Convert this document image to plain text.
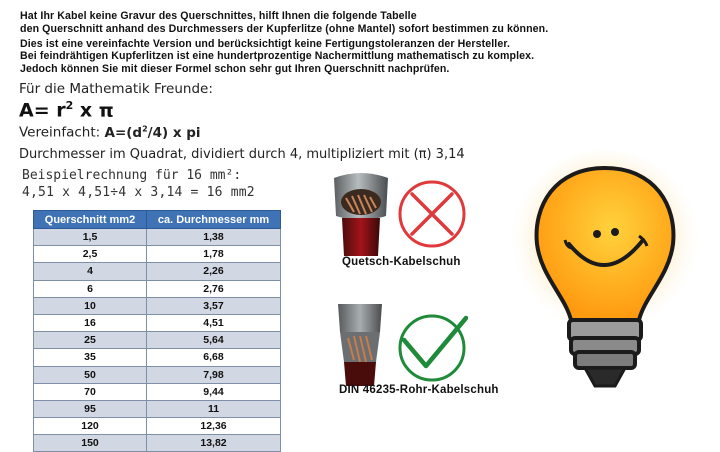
Hat Ihr Kabel keine Gravur des Querschnittes, hilft Ihnen die folgende Tabelle

den Querschnitt anhand des Durchmessers der Kupferlitze (ohne Mantel) sofort bestimmen zu können.

Dies ist eine vereinfachte Version und berücksichtigt keine Fertigungstoleranzen der Hersteller.

Bei feindrähtigen Kupferlitzen ist eine hundertprozentige Nachermittlung mathematisch zu komplex.

Jedoch können Sie mit dieser Formel schon sehr gut Ihren Querschnitt nachprüfen.

Für die Mathematik Freunde:
$A= r^2$ x π
Vereinfacht: $A=(d^2/4)$ x pi
Durchmesser im Quadrat, dividiert durch 4, multipliziert mit (π) 3,14
Beispielrechnung für 16 mm²:
4,51 x 4,51÷4 x 3,14 = 16 mm2
Querschnitt mm2	ca. Durchmesser mm
1,5	1,38
2,5	1,78
4	2,26
6	2,76
10	3,57
16	4,51
25	5,64
35	6,68
50	7,98
70	9,44
95	11
120	12,36
150	13,82
Quetsch-Kabelschuh
DIN 46235-Rohr-Kabelschuh
